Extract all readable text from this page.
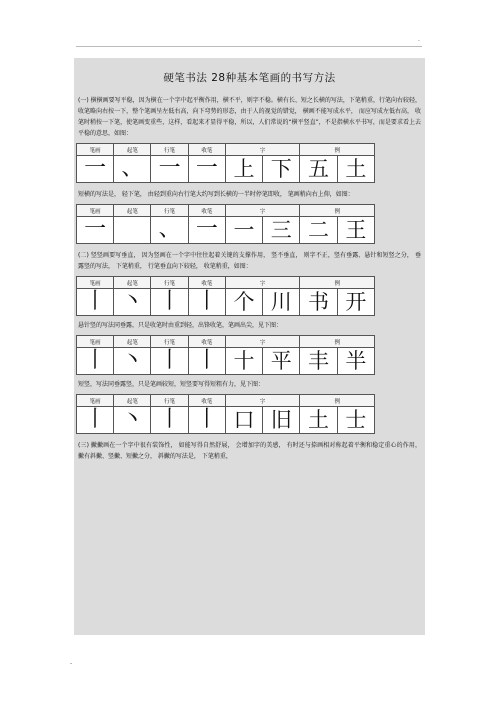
-
硬笔书法 28种基本笔画的书写方法

(一) 横横画要写平稳，因为横在一个字中起平衡作用，横不平，则字不稳。横有长、短之长横的写法，下笔稍重，行笔向右较轻，收笔略向右按一下，整个笔画呈左低右高，向下弯势的形态，由于人的视觉的错觉， 横画不能写成水平， 而应写成左低右高， 收笔时稍按一下笔，使笔画变重些，这样，看起来才显得平稳，所以，人们常说的“横平竖直”，不是指横水平书写，而是要求看上去平稳的意思，如图：

笔画	起笔	行笔	收笔	字		例	
一	、	一	一	上	下	五	土

短横的写法是， 轻下笔， 由轻到重向右行笔大约写到长横的一半时停笔即收， 笔画稍向右上仰，如图：

笔画	起笔	行笔	收笔	字		例	
一		、	一	一	三	二	王

(二) 竖竖画要写垂直， 因为竖画在一个字中往往起着关键的支撑作用， 竖不垂直， 则字不正，竖有垂露、悬针和短竖之分， 垂露竖的写法， 下笔稍重， 行笔垂直向下较轻， 收笔稍重，如图：

笔画	起笔	行笔	收笔	字		例	
丨	丶	丨	丨	个	川	书	开

悬针竖的写法同垂露，只是收笔时由重到轻，出锋收笔，笔画出尖，见下图：

笔画	起笔	行笔	收笔	字		例	
丨	丶	丨	丨	十	平	丰	半

短竖，写法同垂露竖，只是笔画较短，短竖要写得短粗有力，见下图：

笔画	起笔	行笔	收笔	字		例	
丨	丶	丨	丨	口	旧	土	士

(三) 撇撇画在一个字中很有装饰性， 如能写得自然舒展， 会增加字的美感， 有时还与捺画相对称起着平衡和稳定重心的作用， 撇有斜撇、竖撇、短撇之分， 斜撇的写法是， 下笔稍重，

-
